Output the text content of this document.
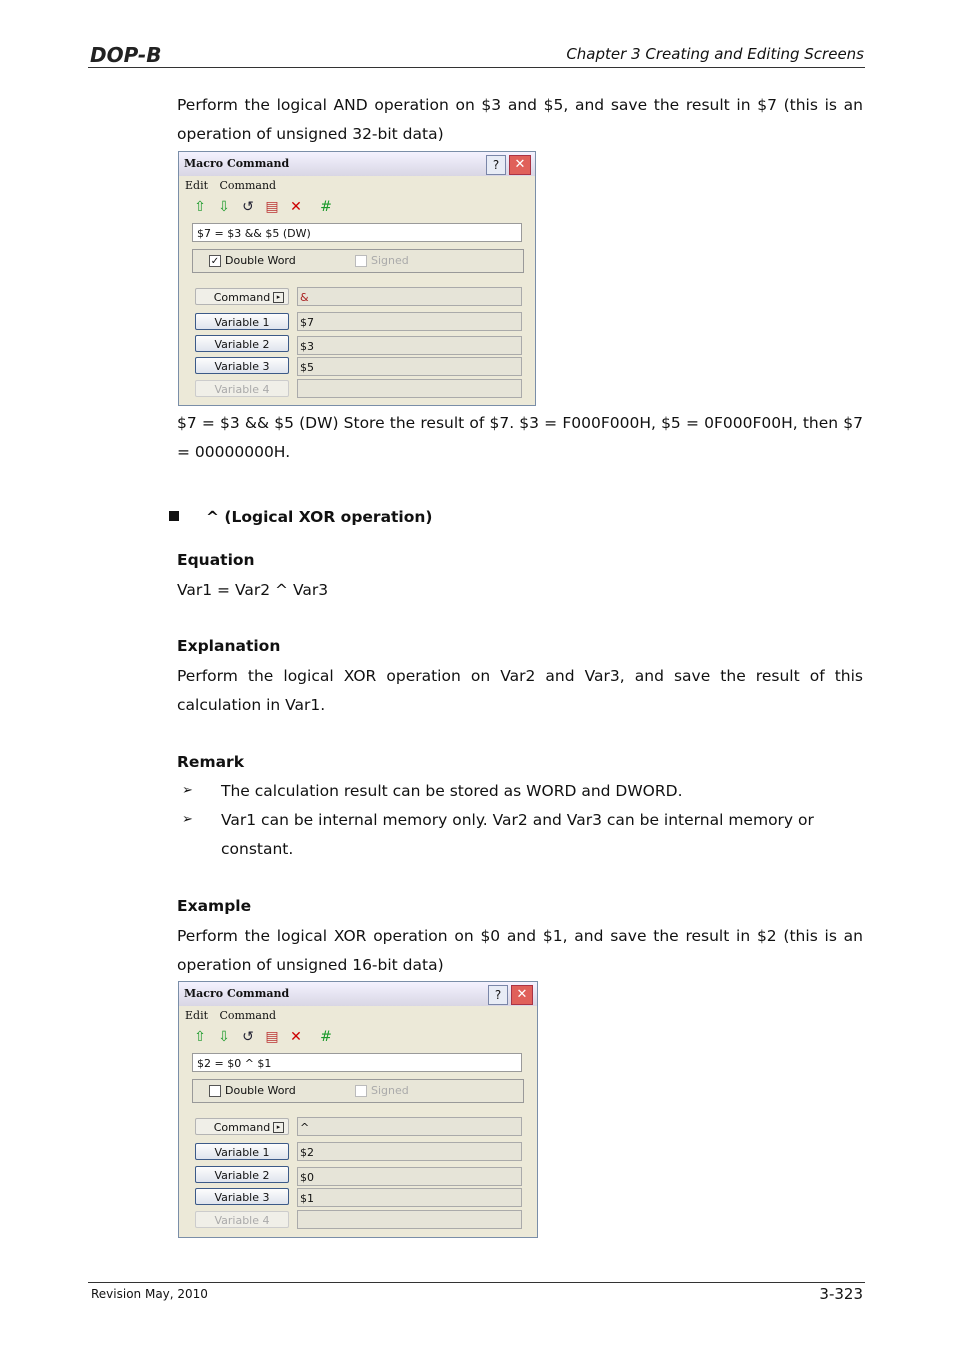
DOP-B	Chapter 3 Creating and Editing Screens
Perform the logical AND operation on $3 and $5, and save the result in $7 (this is an operation of unsigned 32-bit data)
Macro Command	?	✕
Edit Command
⇧ ⇩ ↺ ▤ ✕ #
$7 = $3 && $5 (DW)
✓ Double Word	Signed
Command ▸	&
Variable 1	$7
Variable 2	$3
Variable 3	$5
Variable 4
$7 = $3 && $5 (DW) Store the result of $7. $3 = F000F000H, $5 = 0F000F00H, then $7 = 00000000H.
^ (Logical XOR operation)
Equation
Var1 = Var2 ^ Var3
Explanation
Perform the logical XOR operation on Var2 and Var3, and save the result of this calculation in Var1.
Remark
➢ The calculation result can be stored as WORD and DWORD.
➢ Var1 can be internal memory only. Var2 and Var3 can be internal memory or constant.
Example
Perform the logical XOR operation on $0 and $1, and save the result in $2 (this is an operation of unsigned 16-bit data)
Macro Command	?	✕
Edit Command
⇧ ⇩ ↺ ▤ ✕ #
$2 = $0 ^ $1
Double Word	Signed
Command ▸	^
Variable 1	$2
Variable 2	$0
Variable 3	$1
Variable 4
Revision May, 2010	3-323
